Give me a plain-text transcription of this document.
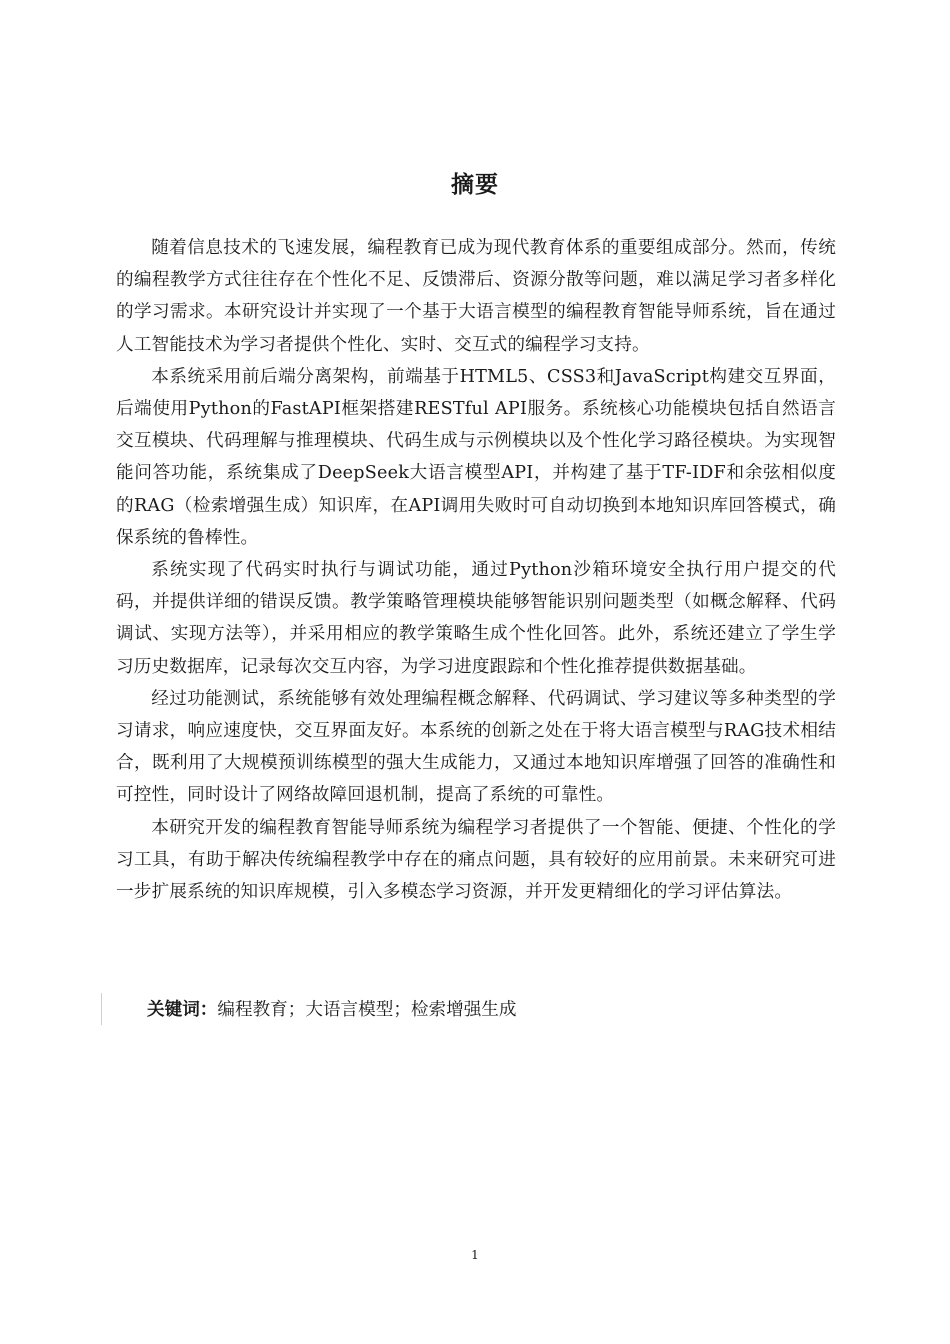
摘要

随着信息技术的飞速发展，编程教育已成为现代教育体系的重要组成部分。然而，传统的编程教学方式往往存在个性化不足、反馈滞后、资源分散等问题，难以满足学习者多样化的学习需求。本研究设计并实现了一个基于大语言模型的编程教育智能导师系统，旨在通过人工智能技术为学习者提供个性化、实时、交互式的编程学习支持。

本系统采用前后端分离架构，前端基于HTML5、CSS3和JavaScript构建交互界面，后端使用Python的FastAPI框架搭建RESTful API服务。系统核心功能模块包括自然语言交互模块、代码理解与推理模块、代码生成与示例模块以及个性化学习路径模块。为实现智能问答功能，系统集成了DeepSeek大语言模型API，并构建了基于TF-IDF和余弦相似度的RAG（检索增强生成）知识库，在API调用失败时可自动切换到本地知识库回答模式，确保系统的鲁棒性。

系统实现了代码实时执行与调试功能，通过Python沙箱环境安全执行用户提交的代码，并提供详细的错误反馈。教学策略管理模块能够智能识别问题类型（如概念解释、代码调试、实现方法等），并采用相应的教学策略生成个性化回答。此外，系统还建立了学生学习历史数据库，记录每次交互内容，为学习进度跟踪和个性化推荐提供数据基础。

经过功能测试，系统能够有效处理编程概念解释、代码调试、学习建议等多种类型的学习请求，响应速度快，交互界面友好。本系统的创新之处在于将大语言模型与RAG技术相结合，既利用了大规模预训练模型的强大生成能力，又通过本地知识库增强了回答的准确性和可控性，同时设计了网络故障回退机制，提高了系统的可靠性。

本研究开发的编程教育智能导师系统为编程学习者提供了一个智能、便捷、个性化的学习工具，有助于解决传统编程教学中存在的痛点问题，具有较好的应用前景。未来研究可进一步扩展系统的知识库规模，引入多模态学习资源，并开发更精细化的学习评估算法。

关键词：编程教育；大语言模型；检索增强生成
1
